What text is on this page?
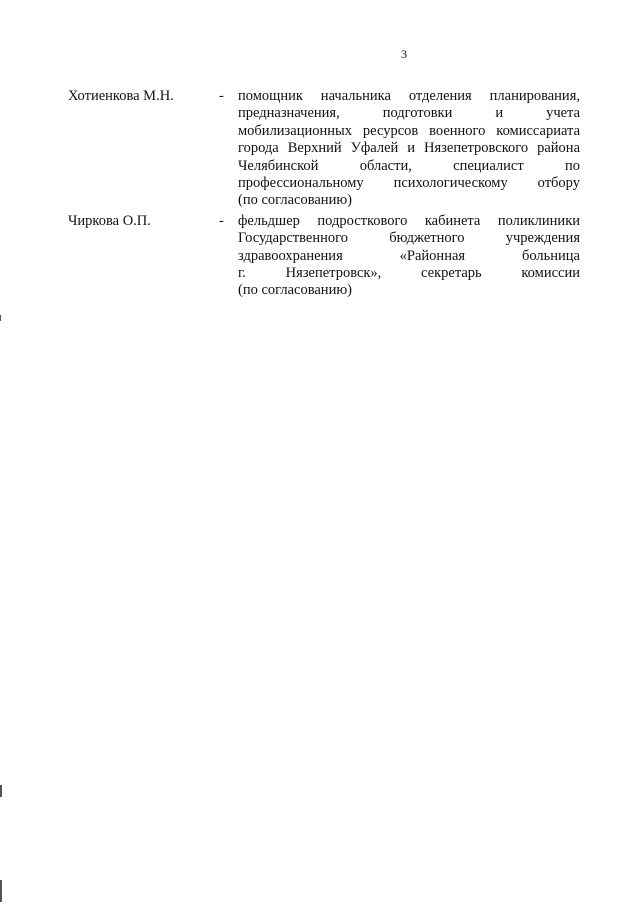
3
Хотиенкова М.Н.	- помощник начальника отделения планирования,
предназначения, подготовки и учета
мобилизационных ресурсов военного комиссариата
города Верхний Уфалей и Нязепетровского района
Челябинской области, специалист по
профессиональному психологическому отбору
(по согласованию)
Чиркова О.П.	- фельдшер подросткового кабинета поликлиники
Государственного бюджетного учреждения
здравоохранения «Районная больница
г. Нязепетровск», секретарь комиссии
(по согласованию)
